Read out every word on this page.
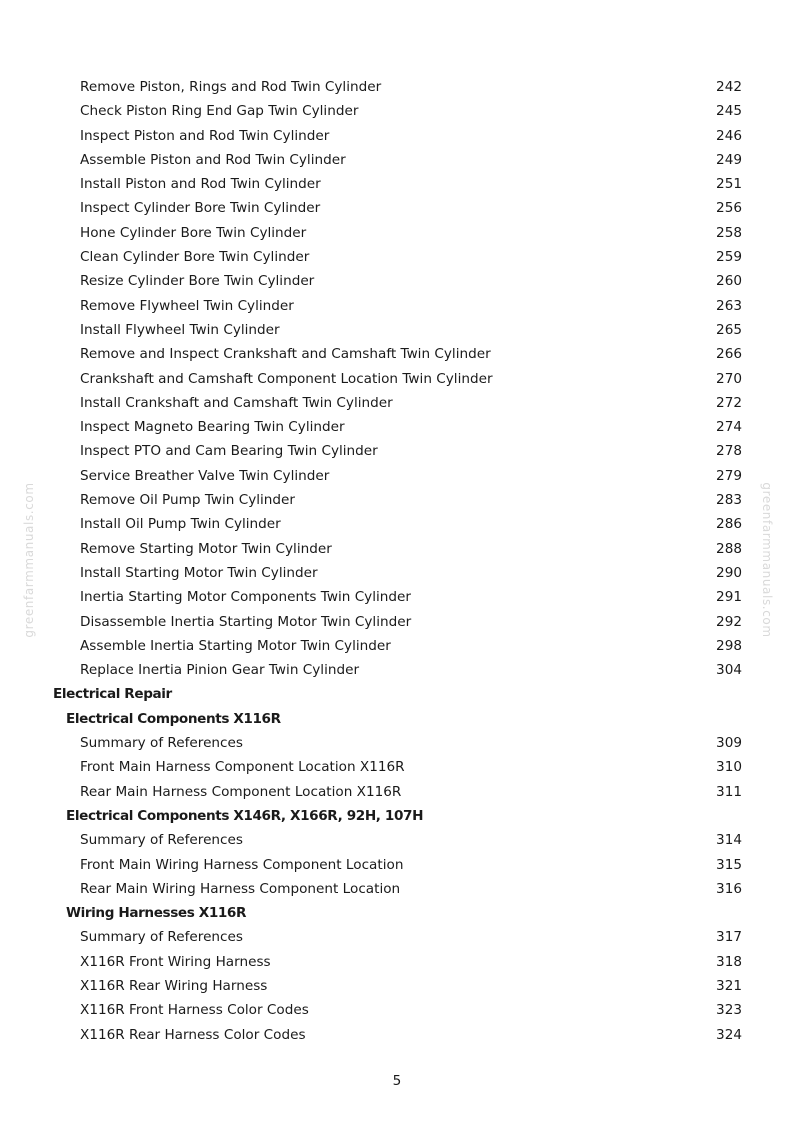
greenfarmmanuals.com	greenfarmmanuals.com
Remove Piston, Rings and Rod Twin Cylinder	242
Check Piston Ring End Gap Twin Cylinder	245
Inspect Piston and Rod Twin Cylinder	246
Assemble Piston and Rod Twin Cylinder	249
Install Piston and Rod Twin Cylinder	251
Inspect Cylinder Bore Twin Cylinder	256
Hone Cylinder Bore Twin Cylinder	258
Clean Cylinder Bore Twin Cylinder	259
Resize Cylinder Bore Twin Cylinder	260
Remove Flywheel Twin Cylinder	263
Install Flywheel Twin Cylinder	265
Remove and Inspect Crankshaft and Camshaft Twin Cylinder	266
Crankshaft and Camshaft Component Location Twin Cylinder	270
Install Crankshaft and Camshaft Twin Cylinder	272
Inspect Magneto Bearing Twin Cylinder	274
Inspect PTO and Cam Bearing Twin Cylinder	278
Service Breather Valve Twin Cylinder	279
Remove Oil Pump Twin Cylinder	283
Install Oil Pump Twin Cylinder	286
Remove Starting Motor Twin Cylinder	288
Install Starting Motor Twin Cylinder	290
Inertia Starting Motor Components Twin Cylinder	291
Disassemble Inertia Starting Motor Twin Cylinder	292
Assemble Inertia Starting Motor Twin Cylinder	298
Replace Inertia Pinion Gear Twin Cylinder	304
Electrical Repair
Electrical Components X116R
Summary of References	309
Front Main Harness Component Location X116R	310
Rear Main Harness Component Location X116R	311
Electrical Components X146R, X166R, 92H, 107H
Summary of References	314
Front Main Wiring Harness Component Location	315
Rear Main Wiring Harness Component Location	316
Wiring Harnesses X116R
Summary of References	317
X116R Front Wiring Harness	318
X116R Rear Wiring Harness	321
X116R Front Harness Color Codes	323
X116R Rear Harness Color Codes	324
5
